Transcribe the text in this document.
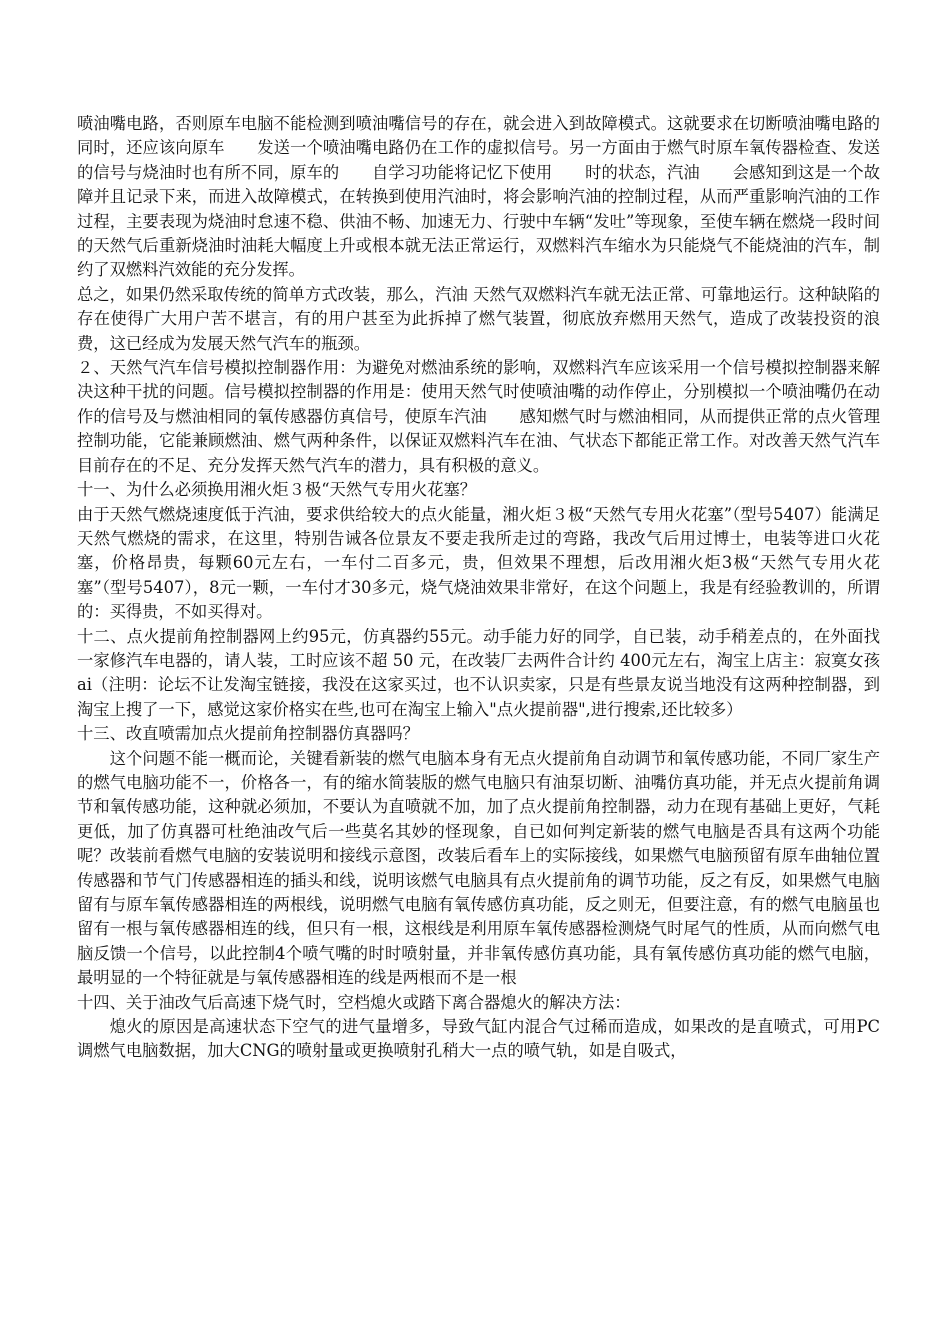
喷油嘴电路，否则原车电脑不能检测到喷油嘴信号的存在，就会进入到故障模式。这就要求在切断喷油嘴电路的同时，还应该向原车　　发送一个喷油嘴电路仍在工作的虚拟信号。另一方面由于燃气时原车氧传器检查、发送的信号与烧油时也有所不同，原车的　　自学习功能将记忆下使用　　时的状态，汽油　　会感知到这是一个故障并且记录下来，而进入故障模式，在转换到使用汽油时，将会影响汽油的控制过程，从而严重影响汽油的工作过程，主要表现为烧油时怠速不稳、供油不畅、加速无力、行驶中车辆“发吐”等现象，至使车辆在燃烧一段时间的天然气后重新烧油时油耗大幅度上升或根本就无法正常运行，双燃料汽车缩水为只能烧气不能烧油的汽车，制约了双燃料汽效能的充分发挥。

总之，如果仍然采取传统的简单方式改装，那么，汽油 天然气双燃料汽车就无法正常、可靠地运行。这种缺陷的存在使得广大用户苦不堪言，有的用户甚至为此拆掉了燃气装置，彻底放弃燃用天然气，造成了改装投资的浪费，这已经成为发展天然气汽车的瓶颈。

２、天然气汽车信号模拟控制器作用：为避免对燃油系统的影响，双燃料汽车应该采用一个信号模拟控制器来解决这种干扰的问题。信号模拟控制器的作用是：使用天然气时使喷油嘴的动作停止，分别模拟一个喷油嘴仍在动作的信号及与燃油相同的氧传感器仿真信号，使原车汽油　　感知燃气时与燃油相同，从而提供正常的点火管理控制功能，它能兼顾燃油、燃气两种条件，以保证双燃料汽车在油、气状态下都能正常工作。对改善天然气汽车目前存在的不足、充分发挥天然气汽车的潜力，具有积极的意义。

十一、为什么必须换用湘火炬３极“天然气专用火花塞？

由于天然气燃烧速度低于汽油，要求供给较大的点火能量，湘火炬３极“天然气专用火花塞”（型号5407）能满足天然气燃烧的需求，在这里，特别告诫各位景友不要走我所走过的弯路，我改气后用过博士，电装等进口火花塞，价格昂贵，每颗60元左右，一车付二百多元，贵，但效果不理想，后改用湘火炬3极“天然气专用火花塞”（型号5407），8元一颗，一车付才30多元，烧气烧油效果非常好，在这个问题上，我是有经验教训的，所谓的：买得贵，不如买得对。

十二、点火提前角控制器网上约95元，仿真器约55元。动手能力好的同学，自已装，动手稍差点的，在外面找一家修汽车电器的，请人装，工时应该不超 50 元，在改装厂去两件合计约 400元左右，淘宝上店主：寂寞女孩ai（注明：论坛不让发淘宝链接，我没在这家买过，也不认识卖家，只是有些景友说当地没有这两种控制器，到淘宝上搜了一下，感觉这家价格实在些,也可在淘宝上输入"点火提前器",进行搜索,还比较多）

十三、改直喷需加点火提前角控制器仿真器吗？

这个问题不能一概而论，关键看新装的燃气电脑本身有无点火提前角自动调节和氧传感功能，不同厂家生产的燃气电脑功能不一，价格各一，有的缩水简装版的燃气电脑只有油泵切断、油嘴仿真功能，并无点火提前角调节和氧传感功能，这种就必须加，不要认为直喷就不加，加了点火提前角控制器，动力在现有基础上更好，气耗更低，加了仿真器可杜绝油改气后一些莫名其妙的怪现象，自已如何判定新装的燃气电脑是否具有这两个功能呢？改装前看燃气电脑的安装说明和接线示意图，改装后看车上的实际接线，如果燃气电脑预留有原车曲轴位置传感器和节气门传感器相连的插头和线，说明该燃气电脑具有点火提前角的调节功能，反之有反，如果燃气电脑留有与原车氧传感器相连的两根线，说明燃气电脑有氧传感仿真功能，反之则无，但要注意，有的燃气电脑虽也留有一根与氧传感器相连的线，但只有一根，这根线是利用原车氧传感器检测烧气时尾气的性质，从而向燃气电脑反馈一个信号，以此控制4个喷气嘴的时时喷射量，并非氧传感仿真功能，具有氧传感仿真功能的燃气电脑，最明显的一个特征就是与氧传感器相连的线是两根而不是一根

十四、关于油改气后高速下烧气时，空档熄火或踏下离合器熄火的解决方法：

熄火的原因是高速状态下空气的进气量增多，导致气缸内混合气过稀而造成，如果改的是直喷式，可用PC调燃气电脑数据，加大CNG的喷射量或更换喷射孔稍大一点的喷气轨，如是自吸式，
